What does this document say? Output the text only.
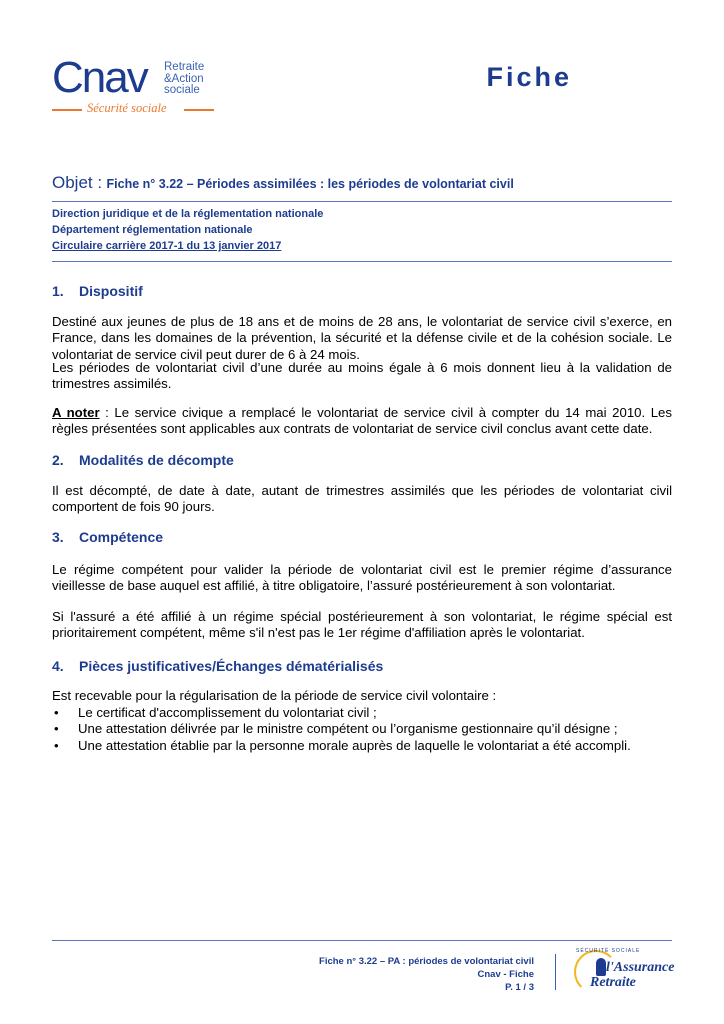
Cnav Retraite
&Action
sociale
Sécurité sociale
Fiche
Objet : Fiche n° 3.22 – Périodes assimilées : les périodes de volontariat civil
Direction juridique et de la réglementation nationale
Département réglementation nationale
Circulaire carrière 2017-1 du 13 janvier 2017
1. Dispositif
Destiné aux jeunes de plus de 18 ans et de moins de 28 ans, le volontariat de service civil s’exerce, en France, dans les domaines de la prévention, la sécurité et la défense civile et de la cohésion sociale. Le volontariat de service civil peut durer de 6 à 24 mois.
Les périodes de volontariat civil d’une durée au moins égale à 6 mois donnent lieu à la validation de trimestres assimilés.
A noter : Le service civique a remplacé le volontariat de service civil à compter du 14 mai 2010. Les règles présentées sont applicables aux contrats de volontariat de service civil conclus avant cette date.
2. Modalités de décompte
Il est décompté, de date à date, autant de trimestres assimilés que les périodes de volontariat civil comportent de fois 90 jours.
3. Compétence
Le régime compétent pour valider la période de volontariat civil est le premier régime d’assurance vieillesse de base auquel est affilié, à titre obligatoire, l’assuré postérieurement à son volontariat.
Si l'assuré a été affilié à un régime spécial postérieurement à son volontariat, le régime spécial est prioritairement compétent, même s'il n'est pas le 1er régime d'affiliation après le volontariat.
4. Pièces justificatives/Échanges dématérialisés
Est recevable pour la régularisation de la période de service civil volontaire :
• Le certificat d'accomplissement du volontariat civil ;
• Une attestation délivrée par le ministre compétent ou l’organisme gestionnaire qu’il désigne ;
• Une attestation établie par la personne morale auprès de laquelle le volontariat a été accompli.
Fiche n° 3.22 – PA : périodes de volontariat civil
Cnav - Fiche
P. 1 / 3
SÉCURITÉ SOCIALE
l'Assurance
Retraite
